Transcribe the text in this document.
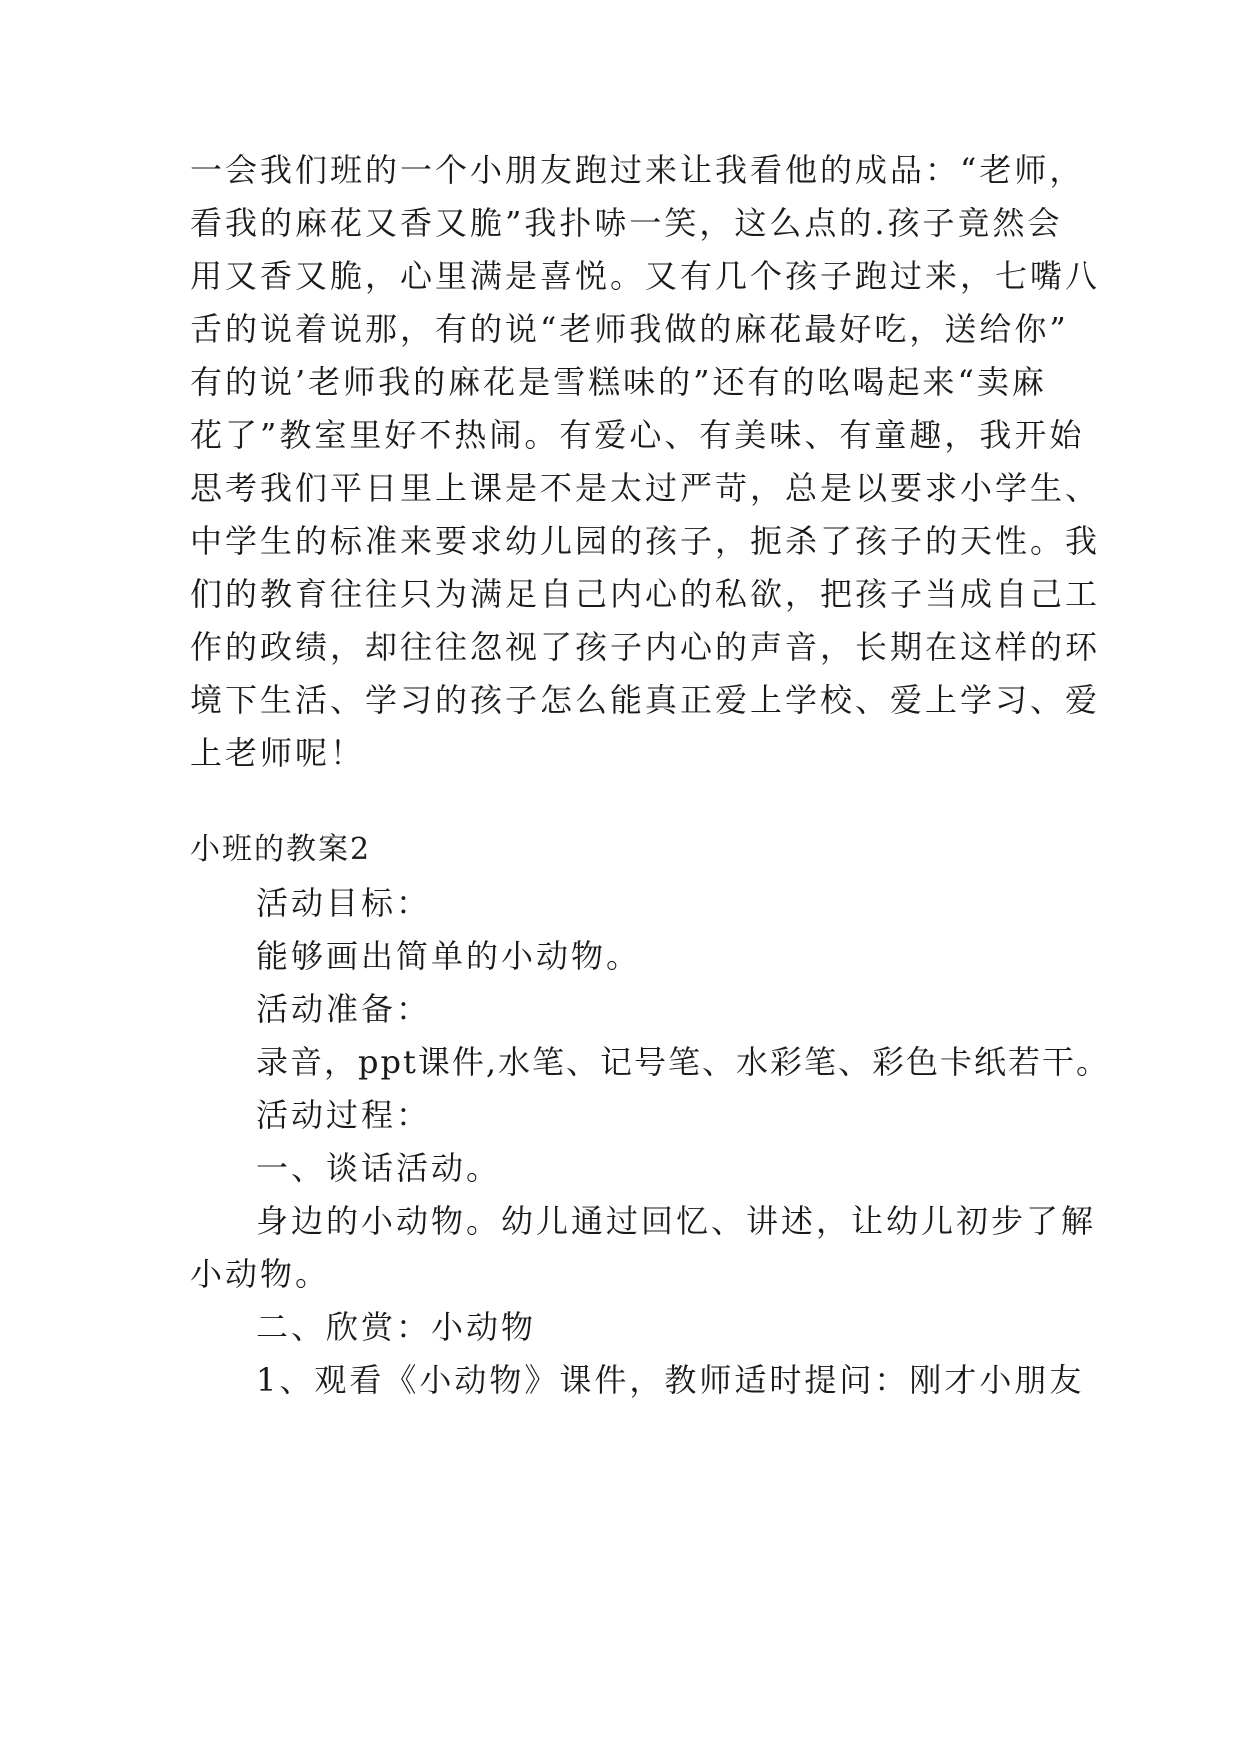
一会我们班的一个小朋友跑过来让我看他的成品：“老师，
看我的麻花又香又脆”我扑哧一笑，这么点的.孩子竟然会
用又香又脆，心里满是喜悦。又有几个孩子跑过来，七嘴八
舌的说着说那，有的说“老师我做的麻花最好吃，送给你”
有的说’老师我的麻花是雪糕味的”还有的吆喝起来“卖麻
花了”教室里好不热闹。有爱心、有美味、有童趣，我开始
思考我们平日里上课是不是太过严苛，总是以要求小学生、
中学生的标准来要求幼儿园的孩子，扼杀了孩子的天性。我
们的教育往往只为满足自己内心的私欲，把孩子当成自己工
作的政绩，却往往忽视了孩子内心的声音，长期在这样的环
境下生活、学习的孩子怎么能真正爱上学校、爱上学习、爱
上老师呢！
小班的教案2
活动目标：
能够画出简单的小动物。
活动准备：
录音，ppt课件,水笔、记号笔、水彩笔、彩色卡纸若干。
活动过程：
一、谈话活动。
身边的小动物。幼儿通过回忆、讲述，让幼儿初步了解
小动物。
二、欣赏：小动物
1、观看《小动物》课件，教师适时提问：刚才小朋友
